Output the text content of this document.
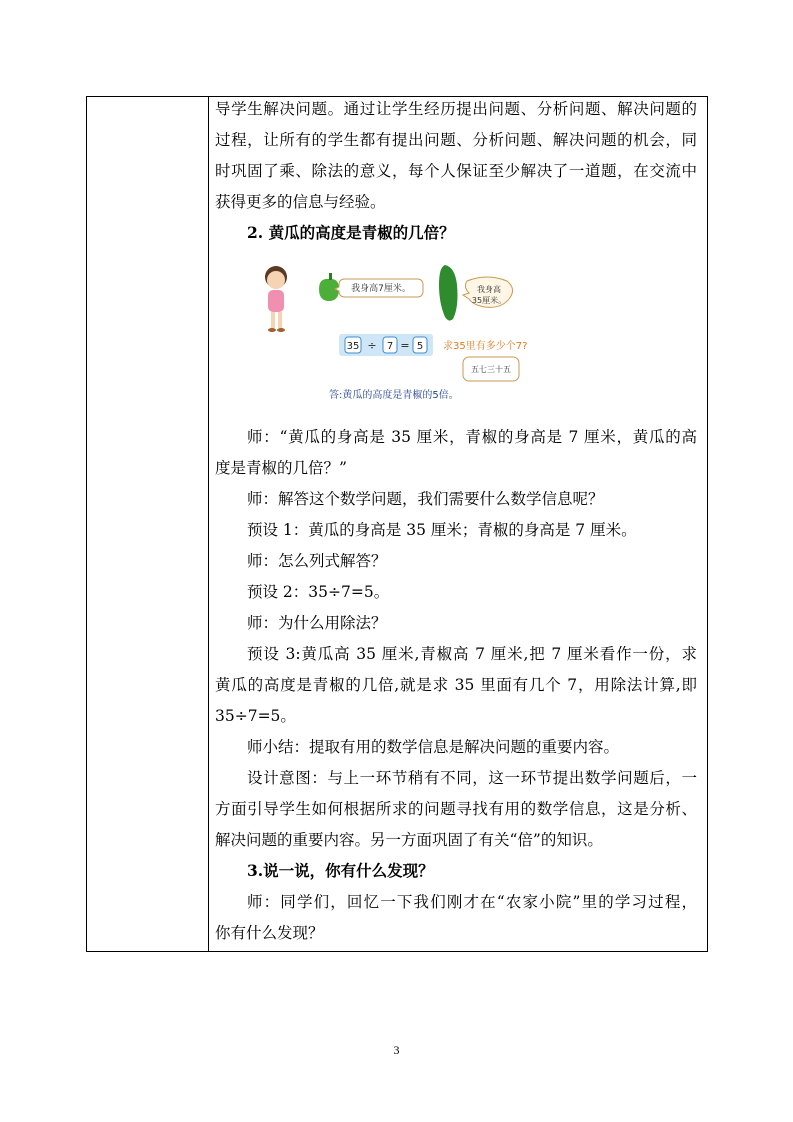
导学生解决问题。通过让学生经历提出问题、分析问题、解决问题的
过程，让所有的学生都有提出问题、分析问题、解决问题的机会，同
时巩固了乘、除法的意义，每个人保证至少解决了一道题，在交流中
获得更多的信息与经验。
2. 黄瓜的高度是青椒的几倍？
我身高7厘米。	我身高
35厘米。
35 ÷ 7 = 5 求35里有多少个7?
五七三十五
答:黄瓜的高度是青椒的5倍。
师：“黄瓜的身高是 35 厘米，青椒的身高是 7 厘米，黄瓜的高
度是青椒的几倍？”
师：解答这个数学问题，我们需要什么数学信息呢？
预设 1：黄瓜的身高是 35 厘米；青椒的身高是 7 厘米。
师：怎么列式解答？
预设 2：35÷7=5。
师：为什么用除法？
预设 3:黄瓜高 35 厘米,青椒高 7 厘米,把 7 厘米看作一份，求
黄瓜的高度是青椒的几倍,就是求 35 里面有几个 7，用除法计算,即
35÷7=5。
师小结：提取有用的数学信息是解决问题的重要内容。
设计意图：与上一环节稍有不同，这一环节提出数学问题后，一
方面引导学生如何根据所求的问题寻找有用的数学信息，这是分析、
解决问题的重要内容。另一方面巩固了有关“倍”的知识。
3.说一说，你有什么发现？
师：同学们，回忆一下我们刚才在“农家小院”里的学习过程，
你有什么发现？
3
